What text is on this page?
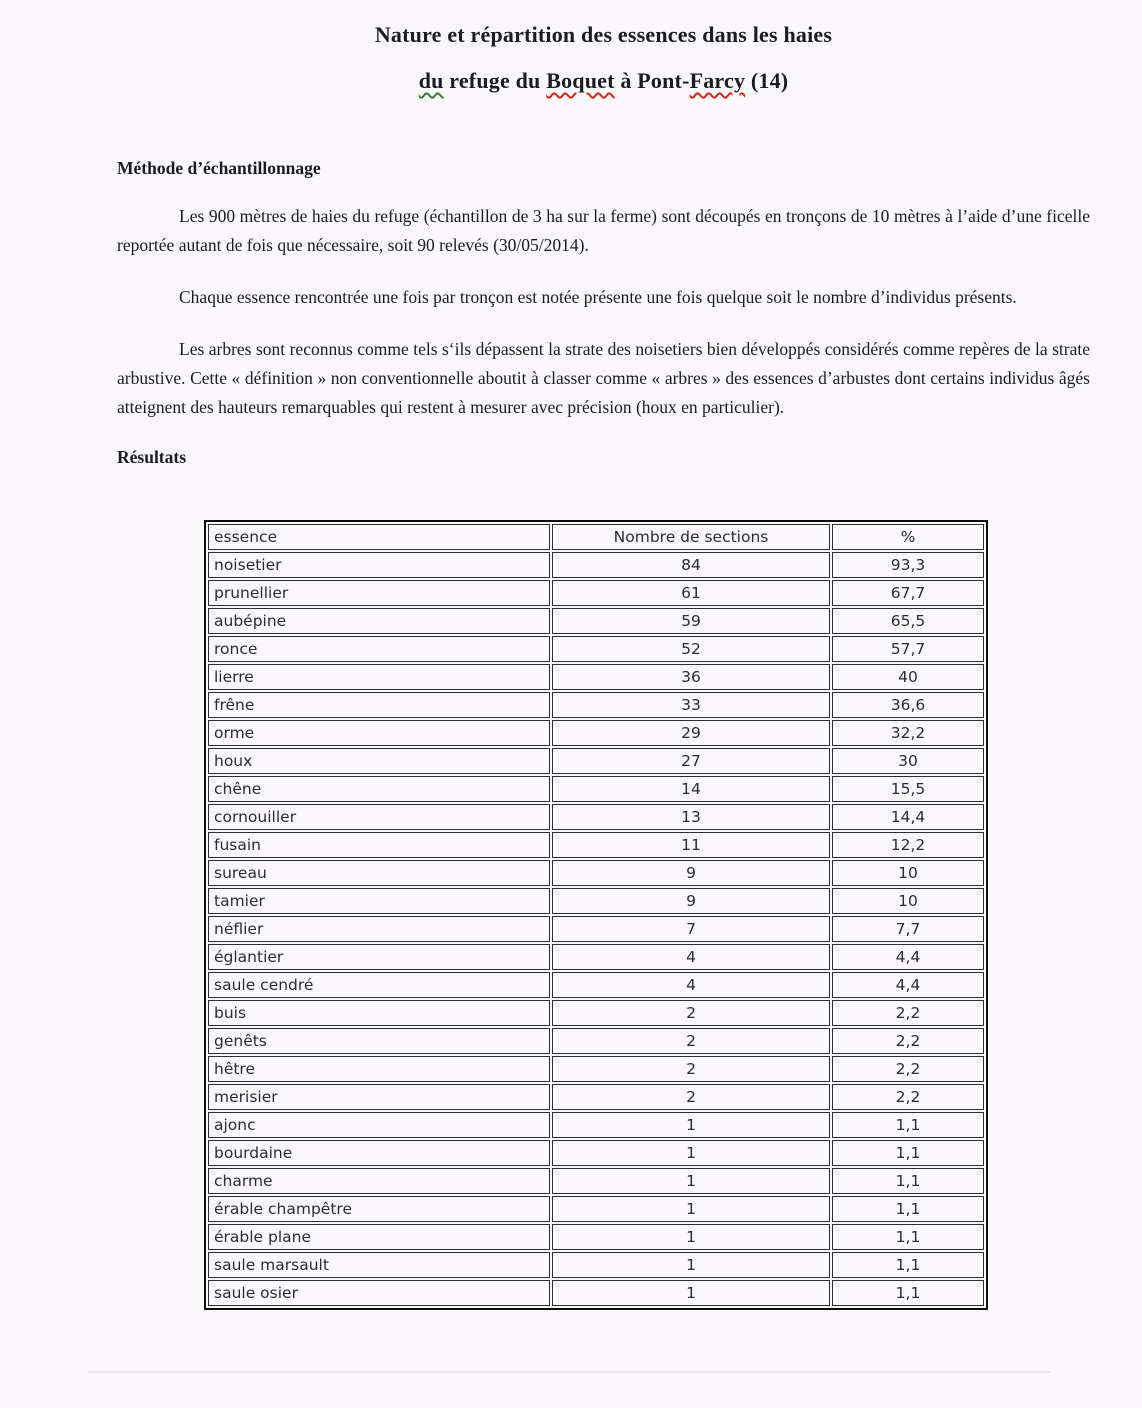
Nature et répartition des essences dans les haies
du refuge du Boquet à Pont-Farcy (14)
Méthode d’échantillonnage

Les 900 mètres de haies du refuge (échantillon de 3 ha sur la ferme) sont découpés en tronçons de 10 mètres à l’aide d’une ficelle reportée autant de fois que nécessaire, soit 90 relevés (30/05/2014).

Chaque essence rencontrée une fois par tronçon est notée présente une fois quelque soit le nombre d’individus présents.

Les arbres sont reconnus comme tels s‘ils dépassent la strate des noisetiers bien développés considérés comme repères de la strate arbustive. Cette « définition » non conventionnelle aboutit à classer comme « arbres » des essences d’arbustes dont certains individus âgés atteignent des hauteurs remarquables qui restent à mesurer avec précision (houx en particulier).

Résultats
essence	Nombre de sections	%
noisetier	84	93,3
prunellier	61	67,7
aubépine	59	65,5
ronce	52	57,7
lierre	36	40
frêne	33	36,6
orme	29	32,2
houx	27	30
chêne	14	15,5
cornouiller	13	14,4
fusain	11	12,2
sureau	9	10
tamier	9	10
néflier	7	7,7
églantier	4	4,4
saule cendré	4	4,4
buis	2	2,2
genêts	2	2,2
hêtre	2	2,2
merisier	2	2,2
ajonc	1	1,1
bourdaine	1	1,1
charme	1	1,1
érable champêtre	1	1,1
érable plane	1	1,1
saule marsault	1	1,1
saule osier	1	1,1
